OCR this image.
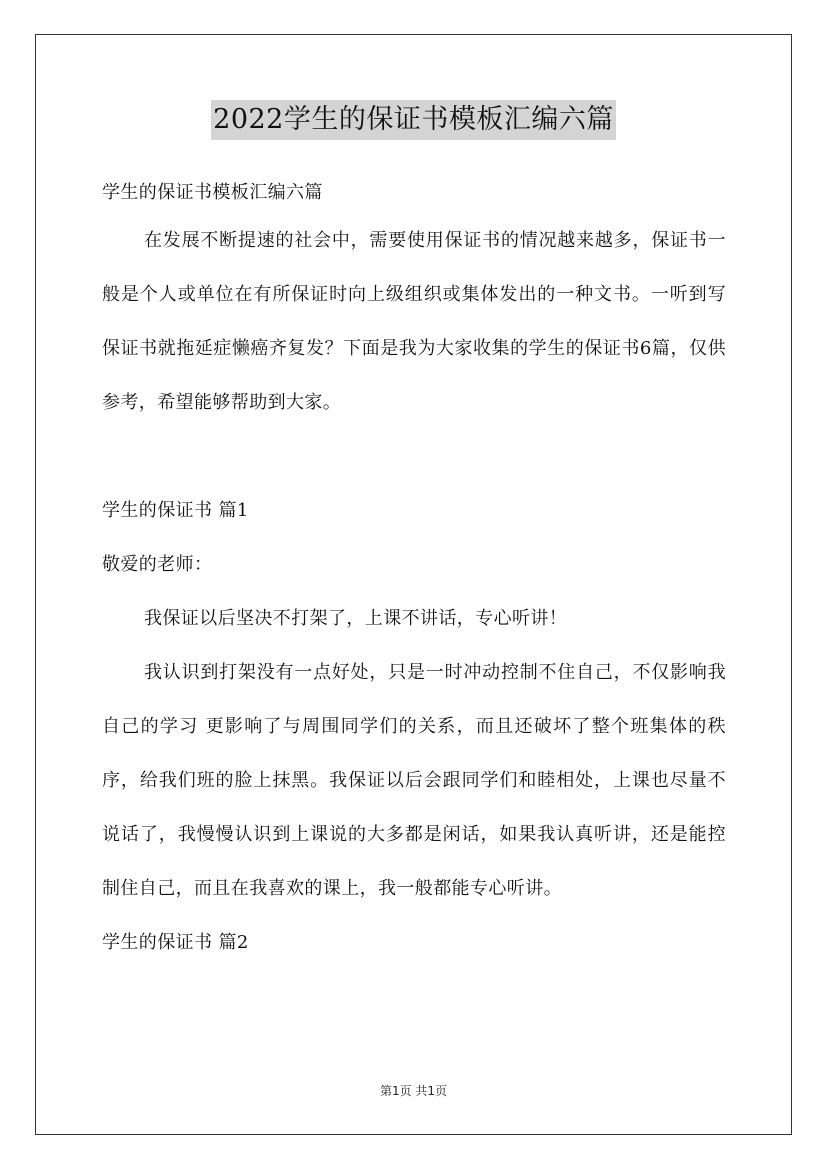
2022学生的保证书模板汇编六篇
学生的保证书模板汇编六篇
在发展不断提速的社会中，需要使用保证书的情况越来越多，保证书一般是个人或单位在有所保证时向上级组织或集体发出的一种文书。一听到写保证书就拖延症懒癌齐复发？下面是我为大家收集的学生的保证书6篇，仅供参考，希望能够帮助到大家。
学生的保证书 篇1
敬爱的老师：
我保证以后坚决不打架了，上课不讲话，专心听讲！
我认识到打架没有一点好处，只是一时冲动控制不住自己，不仅影响我自己的学习 更影响了与周围同学们的关系，而且还破坏了整个班集体的秩序，给我们班的脸上抹黑。我保证以后会跟同学们和睦相处，上课也尽量不说话了，我慢慢认识到上课说的大多都是闲话，如果我认真听讲，还是能控制住自己，而且在我喜欢的课上，我一般都能专心听讲。
学生的保证书 篇2
第1页 共1页
